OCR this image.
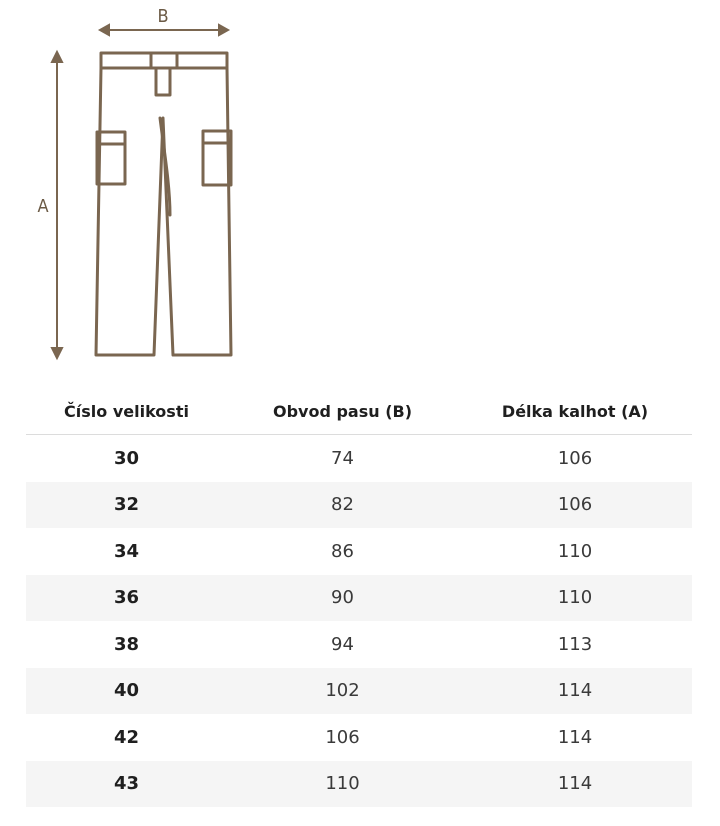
B
A
Číslo velikosti	Obvod pasu (B)	Délka kalhot (A)
30	74	106
32	82	106
34	86	110
36	90	110
38	94	113
40	102	114
42	106	114
43	110	114
